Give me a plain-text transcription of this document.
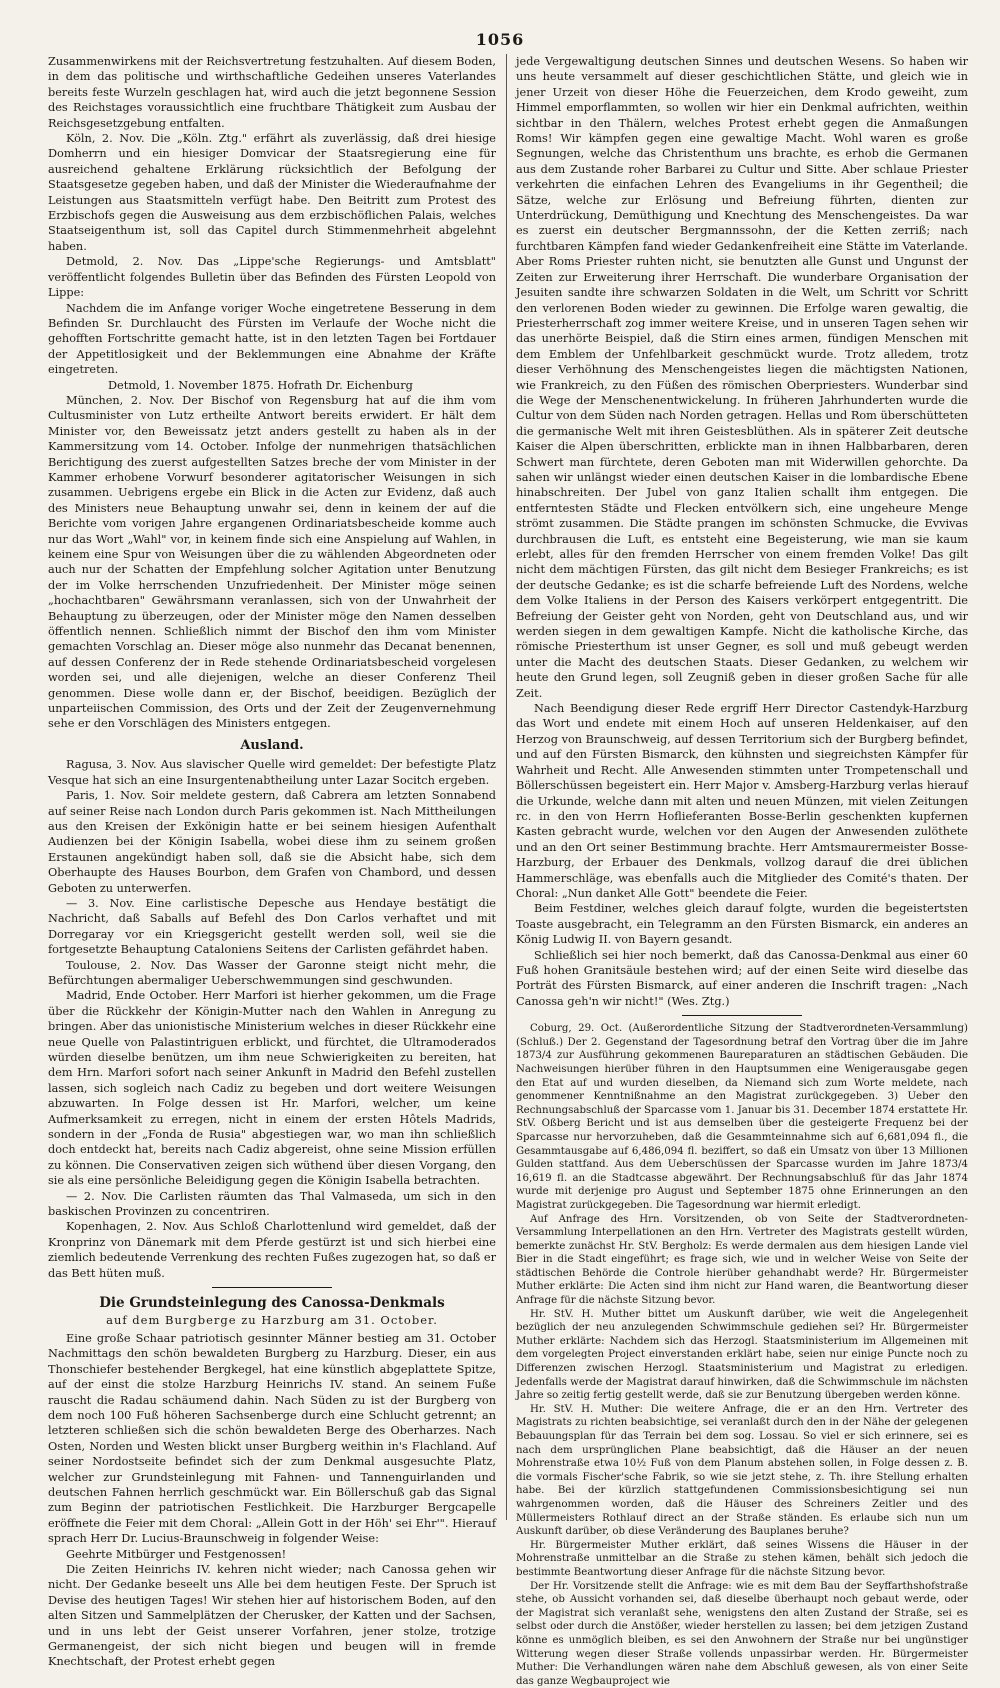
1056

Zusammenwirkens mit der Reichsvertretung festzuhalten. Auf diesem Boden, in dem das politische und wirthschaftliche Gedeihen unseres Vaterlandes bereits feste Wurzeln geschlagen hat, wird auch die jetzt begonnene Session des Reichstages voraussichtlich eine fruchtbare Thätigkeit zum Ausbau der Reichsgesetzgebung entfalten.

Köln, 2. Nov. Die „Köln. Ztg." erfährt als zuverlässig, daß drei hiesige Domherrn und ein hiesiger Domvicar der Staatsregierung eine für ausreichend gehaltene Erklärung rücksichtlich der Befolgung der Staatsgesetze gegeben haben, und daß der Minister die Wiederaufnahme der Leistungen aus Staatsmitteln verfügt habe. Den Beitritt zum Protest des Erzbischofs gegen die Ausweisung aus dem erzbischöflichen Palais, welches Staatseigenthum ist, soll das Capitel durch Stimmenmehrheit abgelehnt haben.

Detmold, 2. Nov. Das „Lippe'sche Regierungs- und Amtsblatt" veröffentlicht folgendes Bulletin über das Befinden des Fürsten Leopold von Lippe:

Nachdem die im Anfange voriger Woche eingetretene Besserung in dem Befinden Sr. Durchlaucht des Fürsten im Verlaufe der Woche nicht die gehofften Fortschritte gemacht hatte, ist in den letzten Tagen bei Fortdauer der Appetitlosigkeit und der Beklemmungen eine Abnahme der Kräfte eingetreten.

Detmold, 1. November 1875. Hofrath Dr. Eichenburg

München, 2. Nov. Der Bischof von Regensburg hat auf die ihm vom Cultusminister von Lutz ertheilte Antwort bereits erwidert. Er hält dem Minister vor, den Beweissatz jetzt anders gestellt zu haben als in der Kammersitzung vom 14. October. Infolge der nunmehrigen thatsächlichen Berichtigung des zuerst aufgestellten Satzes breche der vom Minister in der Kammer erhobene Vorwurf besonderer agitatorischer Weisungen in sich zusammen. Uebrigens ergebe ein Blick in die Acten zur Evidenz, daß auch des Ministers neue Behauptung unwahr sei, denn in keinem der auf die Berichte vom vorigen Jahre ergangenen Ordinariatsbescheide komme auch nur das Wort „Wahl" vor, in keinem finde sich eine Anspielung auf Wahlen, in keinem eine Spur von Weisungen über die zu wählenden Abgeordneten oder auch nur der Schatten der Empfehlung solcher Agitation unter Benutzung der im Volke herrschenden Unzufriedenheit. Der Minister möge seinen „hochachtbaren" Gewährsmann veranlassen, sich von der Unwahrheit der Behauptung zu überzeugen, oder der Minister möge den Namen desselben öffentlich nennen. Schließlich nimmt der Bischof den ihm vom Minister gemachten Vorschlag an. Dieser möge also nunmehr das Decanat benennen, auf dessen Conferenz der in Rede stehende Ordinariatsbescheid vorgelesen worden sei, und alle diejenigen, welche an dieser Conferenz Theil genommen. Diese wolle dann er, der Bischof, beeidigen. Bezüglich der unparteiischen Commission, des Orts und der Zeit der Zeugenvernehmung sehe er den Vorschlägen des Ministers entgegen.

Ausland.

Ragusa, 3. Nov. Aus slavischer Quelle wird gemeldet: Der befestigte Platz Vesque hat sich an eine Insurgentenabtheilung unter Lazar Socitch ergeben.

Paris, 1. Nov. Soir meldete gestern, daß Cabrera am letzten Sonnabend auf seiner Reise nach London durch Paris gekommen ist. Nach Mittheilungen aus den Kreisen der Exkönigin hatte er bei seinem hiesigen Aufenthalt Audienzen bei der Königin Isabella, wobei diese ihm zu seinem großen Erstaunen angekündigt haben soll, daß sie die Absicht habe, sich dem Oberhaupte des Hauses Bourbon, dem Grafen von Chambord, und dessen Geboten zu unterwerfen.

— 3. Nov. Eine carlistische Depesche aus Hendaye bestätigt die Nachricht, daß Saballs auf Befehl des Don Carlos verhaftet und mit Dorregaray vor ein Kriegsgericht gestellt werden soll, weil sie die fortgesetzte Behauptung Cataloniens Seitens der Carlisten gefährdet haben.

Toulouse, 2. Nov. Das Wasser der Garonne steigt nicht mehr, die Befürchtungen abermaliger Ueberschwemmungen sind geschwunden.

Madrid, Ende October. Herr Marfori ist hierher gekommen, um die Frage über die Rückkehr der Königin-Mutter nach den Wahlen in Anregung zu bringen. Aber das unionistische Ministerium welches in dieser Rückkehr eine neue Quelle von Palastintriguen erblickt, und fürchtet, die Ultramoderados würden dieselbe benützen, um ihm neue Schwierigkeiten zu bereiten, hat dem Hrn. Marfori sofort nach seiner Ankunft in Madrid den Befehl zustellen lassen, sich sogleich nach Cadiz zu begeben und dort weitere Weisungen abzuwarten. In Folge dessen ist Hr. Marfori, welcher, um keine Aufmerksamkeit zu erregen, nicht in einem der ersten Hôtels Madrids, sondern in der „Fonda de Rusia" abgestiegen war, wo man ihn schließlich doch entdeckt hat, bereits nach Cadiz abgereist, ohne seine Mission erfüllen zu können. Die Conservativen zeigen sich wüthend über diesen Vorgang, den sie als eine persönliche Beleidigung gegen die Königin Isabella betrachten.

— 2. Nov. Die Carlisten räumten das Thal Valmaseda, um sich in den baskischen Provinzen zu concentriren.

Kopenhagen, 2. Nov. Aus Schloß Charlottenlund wird gemeldet, daß der Kronprinz von Dänemark mit dem Pferde gestürzt ist und sich hierbei eine ziemlich bedeutende Verrenkung des rechten Fußes zugezogen hat, so daß er das Bett hüten muß.

Die Grundsteinlegung des Canossa-Denkmals
auf dem Burgberge zu Harzburg am 31. October.

Eine große Schaar patriotisch gesinnter Männer bestieg am 31. October Nachmittags den schön bewaldeten Burgberg zu Harzburg. Dieser, ein aus Thonschiefer bestehender Bergkegel, hat eine künstlich abgeplattete Spitze, auf der einst die stolze Harzburg Heinrichs IV. stand. An seinem Fuße rauscht die Radau schäumend dahin. Nach Süden zu ist der Burgberg von dem noch 100 Fuß höheren Sachsenberge durch eine Schlucht getrennt; an letzteren schließen sich die schön bewaldeten Berge des Oberharzes. Nach Osten, Norden und Westen blickt unser Burgberg weithin in's Flachland. Auf seiner Nordostseite befindet sich der zum Denkmal ausgesuchte Platz, welcher zur Grundsteinlegung mit Fahnen- und Tannenguirlanden und deutschen Fahnen herrlich geschmückt war. Ein Böllerschuß gab das Signal zum Beginn der patriotischen Festlichkeit. Die Harzburger Bergcapelle eröffnete die Feier mit dem Choral: „Allein Gott in der Höh' sei Ehr'". Hierauf sprach Herr Dr. Lucius-Braunschweig in folgender Weise:

Geehrte Mitbürger und Festgenossen!

Die Zeiten Heinrichs IV. kehren nicht wieder; nach Canossa gehen wir nicht. Der Gedanke beseelt uns Alle bei dem heutigen Feste. Der Spruch ist Devise des heutigen Tages! Wir stehen hier auf historischem Boden, auf den alten Sitzen und Sammelplätzen der Cherusker, der Katten und der Sachsen, und in uns lebt der Geist unserer Vorfahren, jener stolze, trotzige Germanengeist, der sich nicht biegen und beugen will in fremde Knechtschaft, der Protest erhebt gegen

jede Vergewaltigung deutschen Sinnes und deutschen Wesens. So haben wir uns heute versammelt auf dieser geschichtlichen Stätte, und gleich wie in jener Urzeit von dieser Höhe die Feuerzeichen, dem Krodo geweiht, zum Himmel emporflammten, so wollen wir hier ein Denkmal aufrichten, weithin sichtbar in den Thälern, welches Protest erhebt gegen die Anmaßungen Roms! Wir kämpfen gegen eine gewaltige Macht. Wohl waren es große Segnungen, welche das Christenthum uns brachte, es erhob die Germanen aus dem Zustande roher Barbarei zu Cultur und Sitte. Aber schlaue Priester verkehrten die einfachen Lehren des Evangeliums in ihr Gegentheil; die Sätze, welche zur Erlösung und Befreiung führten, dienten zur Unterdrückung, Demüthigung und Knechtung des Menschengeistes. Da war es zuerst ein deutscher Bergmannssohn, der die Ketten zerriß; nach furchtbaren Kämpfen fand wieder Gedankenfreiheit eine Stätte im Vaterlande. Aber Roms Priester ruhten nicht, sie benutzten alle Gunst und Ungunst der Zeiten zur Erweiterung ihrer Herrschaft. Die wunderbare Organisation der Jesuiten sandte ihre schwarzen Soldaten in die Welt, um Schritt vor Schritt den verlorenen Boden wieder zu gewinnen. Die Erfolge waren gewaltig, die Priesterherrschaft zog immer weitere Kreise, und in unseren Tagen sehen wir das unerhörte Beispiel, daß die Stirn eines armen, fündigen Menschen mit dem Emblem der Unfehlbarkeit geschmückt wurde. Trotz alledem, trotz dieser Verhöhnung des Menschengeistes liegen die mächtigsten Nationen, wie Frankreich, zu den Füßen des römischen Oberpriesters. Wunderbar sind die Wege der Menschenentwickelung. In früheren Jahrhunderten wurde die Cultur von dem Süden nach Norden getragen. Hellas und Rom überschütteten die germanische Welt mit ihren Geistesblüthen. Als in späterer Zeit deutsche Kaiser die Alpen überschritten, erblickte man in ihnen Halbbarbaren, deren Schwert man fürchtete, deren Geboten man mit Widerwillen gehorchte. Da sahen wir unlängst wieder einen deutschen Kaiser in die lombardische Ebene hinabschreiten. Der Jubel von ganz Italien schallt ihm entgegen. Die entferntesten Städte und Flecken entvölkern sich, eine ungeheure Menge strömt zusammen. Die Städte prangen im schönsten Schmucke, die Evvivas durchbrausen die Luft, es entsteht eine Begeisterung, wie man sie kaum erlebt, alles für den fremden Herrscher von einem fremden Volke! Das gilt nicht dem mächtigen Fürsten, das gilt nicht dem Besieger Frankreichs; es ist der deutsche Gedanke; es ist die scharfe befreiende Luft des Nordens, welche dem Volke Italiens in der Person des Kaisers verkörpert entgegentritt. Die Befreiung der Geister geht von Norden, geht von Deutschland aus, und wir werden siegen in dem gewaltigen Kampfe. Nicht die katholische Kirche, das römische Priesterthum ist unser Gegner, es soll und muß gebeugt werden unter die Macht des deutschen Staats. Dieser Gedanken, zu welchem wir heute den Grund legen, soll Zeugniß geben in dieser großen Sache für alle Zeit.

Nach Beendigung dieser Rede ergriff Herr Director Castendyk-Harzburg das Wort und endete mit einem Hoch auf unseren Heldenkaiser, auf den Herzog von Braunschweig, auf dessen Territorium sich der Burgberg befindet, und auf den Fürsten Bismarck, den kühnsten und siegreichsten Kämpfer für Wahrheit und Recht. Alle Anwesenden stimmten unter Trompetenschall und Böllerschüssen begeistert ein. Herr Major v. Amsberg-Harzburg verlas hierauf die Urkunde, welche dann mit alten und neuen Münzen, mit vielen Zeitungen rc. in den von Herrn Hoflieferanten Bosse-Berlin geschenkten kupfernen Kasten gebracht wurde, welchen vor den Augen der Anwesenden zulöthete und an den Ort seiner Bestimmung brachte. Herr Amtsmaurermeister Bosse-Harzburg, der Erbauer des Denkmals, vollzog darauf die drei üblichen Hammerschläge, was ebenfalls auch die Mitglieder des Comité's thaten. Der Choral: „Nun danket Alle Gott" beendete die Feier.

Beim Festdiner, welches gleich darauf folgte, wurden die begeistertsten Toaste ausgebracht, ein Telegramm an den Fürsten Bismarck, ein anderes an König Ludwig II. von Bayern gesandt.

Schließlich sei hier noch bemerkt, daß das Canossa-Denkmal aus einer 60 Fuß hohen Granitsäule bestehen wird; auf der einen Seite wird dieselbe das Porträt des Fürsten Bismarck, auf einer anderen die Inschrift tragen: „Nach Canossa geh'n wir nicht!" (Wes. Ztg.)

Coburg, 29. Oct. (Außerordentliche Sitzung der Stadtverordneten-Versammlung) (Schluß.) Der 2. Gegenstand der Tagesordnung betraf den Vortrag über die im Jahre 1873/4 zur Ausführung gekommenen Baureparaturen an städtischen Gebäuden. Die Nachweisungen hierüber führen in den Hauptsummen eine Wenigerausgabe gegen den Etat auf und wurden dieselben, da Niemand sich zum Worte meldete, nach genommener Kenntnißnahme an den Magistrat zurückgegeben. 3) Ueber den Rechnungsabschluß der Sparcasse vom 1. Januar bis 31. December 1874 erstattete Hr. StV. Oßberg Bericht und ist aus demselben über die gesteigerte Frequenz bei der Sparcasse nur hervorzuheben, daß die Gesammteinnahme sich auf 6,681,094 fl., die Gesammtausgabe auf 6,486,094 fl. beziffert, so daß ein Umsatz von über 13 Millionen Gulden stattfand. Aus dem Ueberschüssen der Sparcasse wurden im Jahre 1873/4 16,619 fl. an die Stadtcasse abgewährt. Der Rechnungsabschluß für das Jahr 1874 wurde mit derjenige pro August und September 1875 ohne Erinnerungen an den Magistrat zurückgegeben. Die Tagesordnung war hiermit erledigt.

Auf Anfrage des Hrn. Vorsitzenden, ob von Seite der Stadtverordneten-Versammlung Interpellationen an den Hrn. Vertreter des Magistrats gestellt würden, bemerkte zunächst Hr. StV. Bergholz: Es werde dermalen aus dem hiesigen Lande viel Bier in die Stadt eingeführt; es frage sich, wie und in welcher Weise von Seite der städtischen Behörde die Controle hierüber gehandhabt werde? Hr. Bürgermeister Muther erklärte: Die Acten sind ihm nicht zur Hand waren, die Beantwortung dieser Anfrage für die nächste Sitzung bevor.

Hr. StV. H. Muther bittet um Auskunft darüber, wie weit die Angelegenheit bezüglich der neu anzulegenden Schwimmschule gediehen sei? Hr. Bürgermeister Muther erklärte: Nachdem sich das Herzogl. Staatsministerium im Allgemeinen mit dem vorgelegten Project einverstanden erklärt habe, seien nur einige Puncte noch zu Differenzen zwischen Herzogl. Staatsministerium und Magistrat zu erledigen. Jedenfalls werde der Magistrat darauf hinwirken, daß die Schwimmschule im nächsten Jahre so zeitig fertig gestellt werde, daß sie zur Benutzung übergeben werden könne.

Hr. StV. H. Muther: Die weitere Anfrage, die er an den Hrn. Vertreter des Magistrats zu richten beabsichtige, sei veranlaßt durch den in der Nähe der gelegenen Bebauungsplan für das Terrain bei dem sog. Lossau. So viel er sich erinnere, sei es nach dem ursprünglichen Plane beabsichtigt, daß die Häuser an der neuen Mohrenstraße etwa 10½ Fuß von dem Planum abstehen sollen, in Folge dessen z. B. die vormals Fischer'sche Fabrik, so wie sie jetzt stehe, z. Th. ihre Stellung erhalten habe. Bei der kürzlich stattgefundenen Commissionsbesichtigung sei nun wahrgenommen worden, daß die Häuser des Schreiners Zeitler und des Müllermeisters Rothlauf direct an der Straße ständen. Es erlaube sich nun um Auskunft darüber, ob diese Veränderung des Bauplanes beruhe?

Hr. Bürgermeister Muther erklärt, daß seines Wissens die Häuser in der Mohrenstraße unmittelbar an die Straße zu stehen kämen, behält sich jedoch die bestimmte Beantwortung dieser Anfrage für die nächste Sitzung bevor.

Der Hr. Vorsitzende stellt die Anfrage: wie es mit dem Bau der Seyffarthshofstraße stehe, ob Aussicht vorhanden sei, daß dieselbe überhaupt noch gebaut werde, oder der Magistrat sich veranlaßt sehe, wenigstens den alten Zustand der Straße, sei es selbst oder durch die Anstößer, wieder herstellen zu lassen; bei dem jetzigen Zustand könne es unmöglich bleiben, es sei den Anwohnern der Straße nur bei ungünstiger Witterung wegen dieser Straße vollends unpassirbar werden. Hr. Bürgermeister Muther: Die Verhandlungen wären nahe dem Abschluß gewesen, als von einer Seite das ganze Wegbauproject wie
